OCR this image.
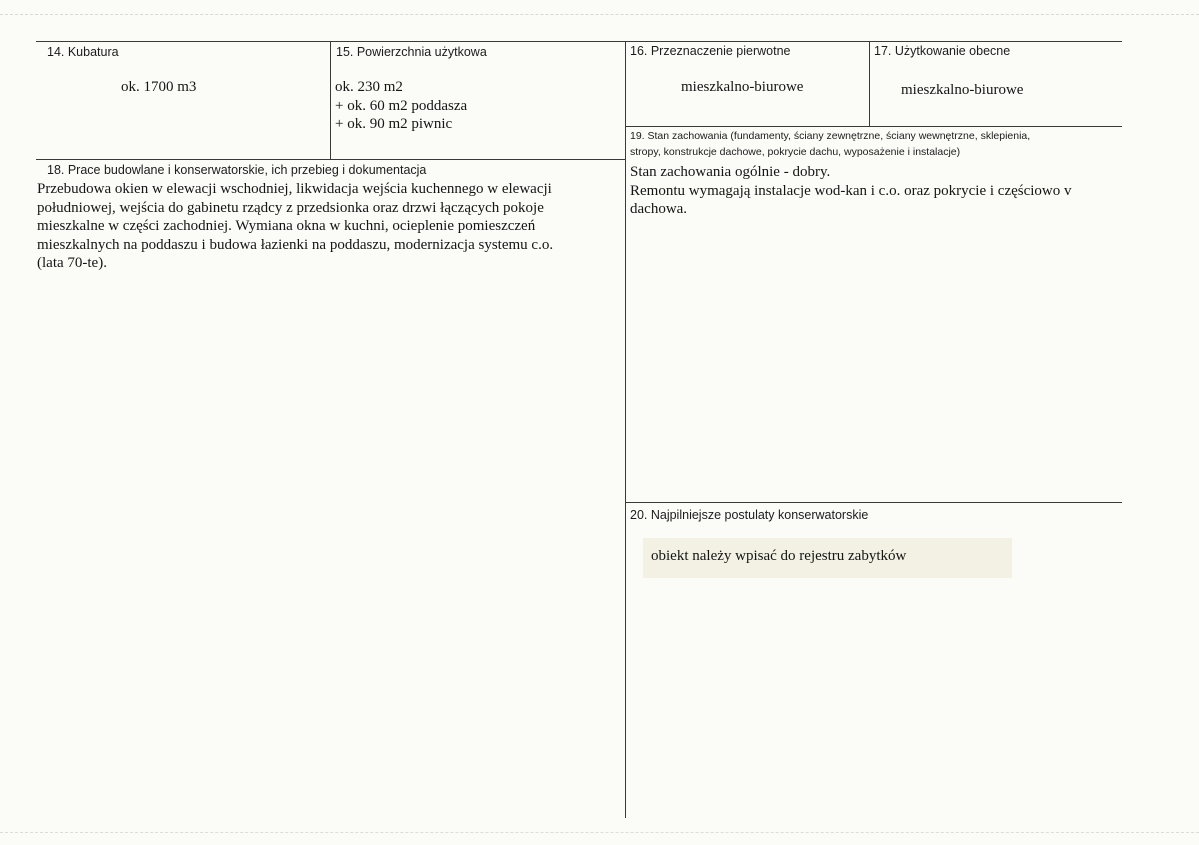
14. Kubatura
ok. 1700 m3
15. Powierzchnia użytkowa
ok. 230 m2
+ ok. 60 m2 poddasza
+ ok. 90 m2 piwnic
16. Przeznaczenie pierwotne
mieszkalno-biurowe
17. Użytkowanie obecne
mieszkalno-biurowe
18. Prace budowlane i konserwatorskie, ich przebieg i dokumentacja
Przebudowa okien w elewacji wschodniej, likwidacja wejścia kuchennego w elewacji
południowej, wejścia do gabinetu rządcy z przedsionka oraz drzwi łączących pokoje
mieszkalne w części zachodniej. Wymiana okna w kuchni, ocieplenie pomieszczeń
mieszkalnych na poddaszu i budowa łazienki na poddaszu, modernizacja systemu c.o.
(lata 70-te).
19. Stan zachowania (fundamenty, ściany zewnętrzne, ściany wewnętrzne, sklepienia,
stropy, konstrukcje dachowe, pokrycie dachu, wyposażenie i instalacje)
Stan zachowania ogólnie - dobry.
Remontu wymagają instalacje wod-kan i c.o. oraz pokrycie i częściowo v
dachowa.
20. Najpilniejsze postulaty konserwatorskie
obiekt należy wpisać do rejestru zabytków
